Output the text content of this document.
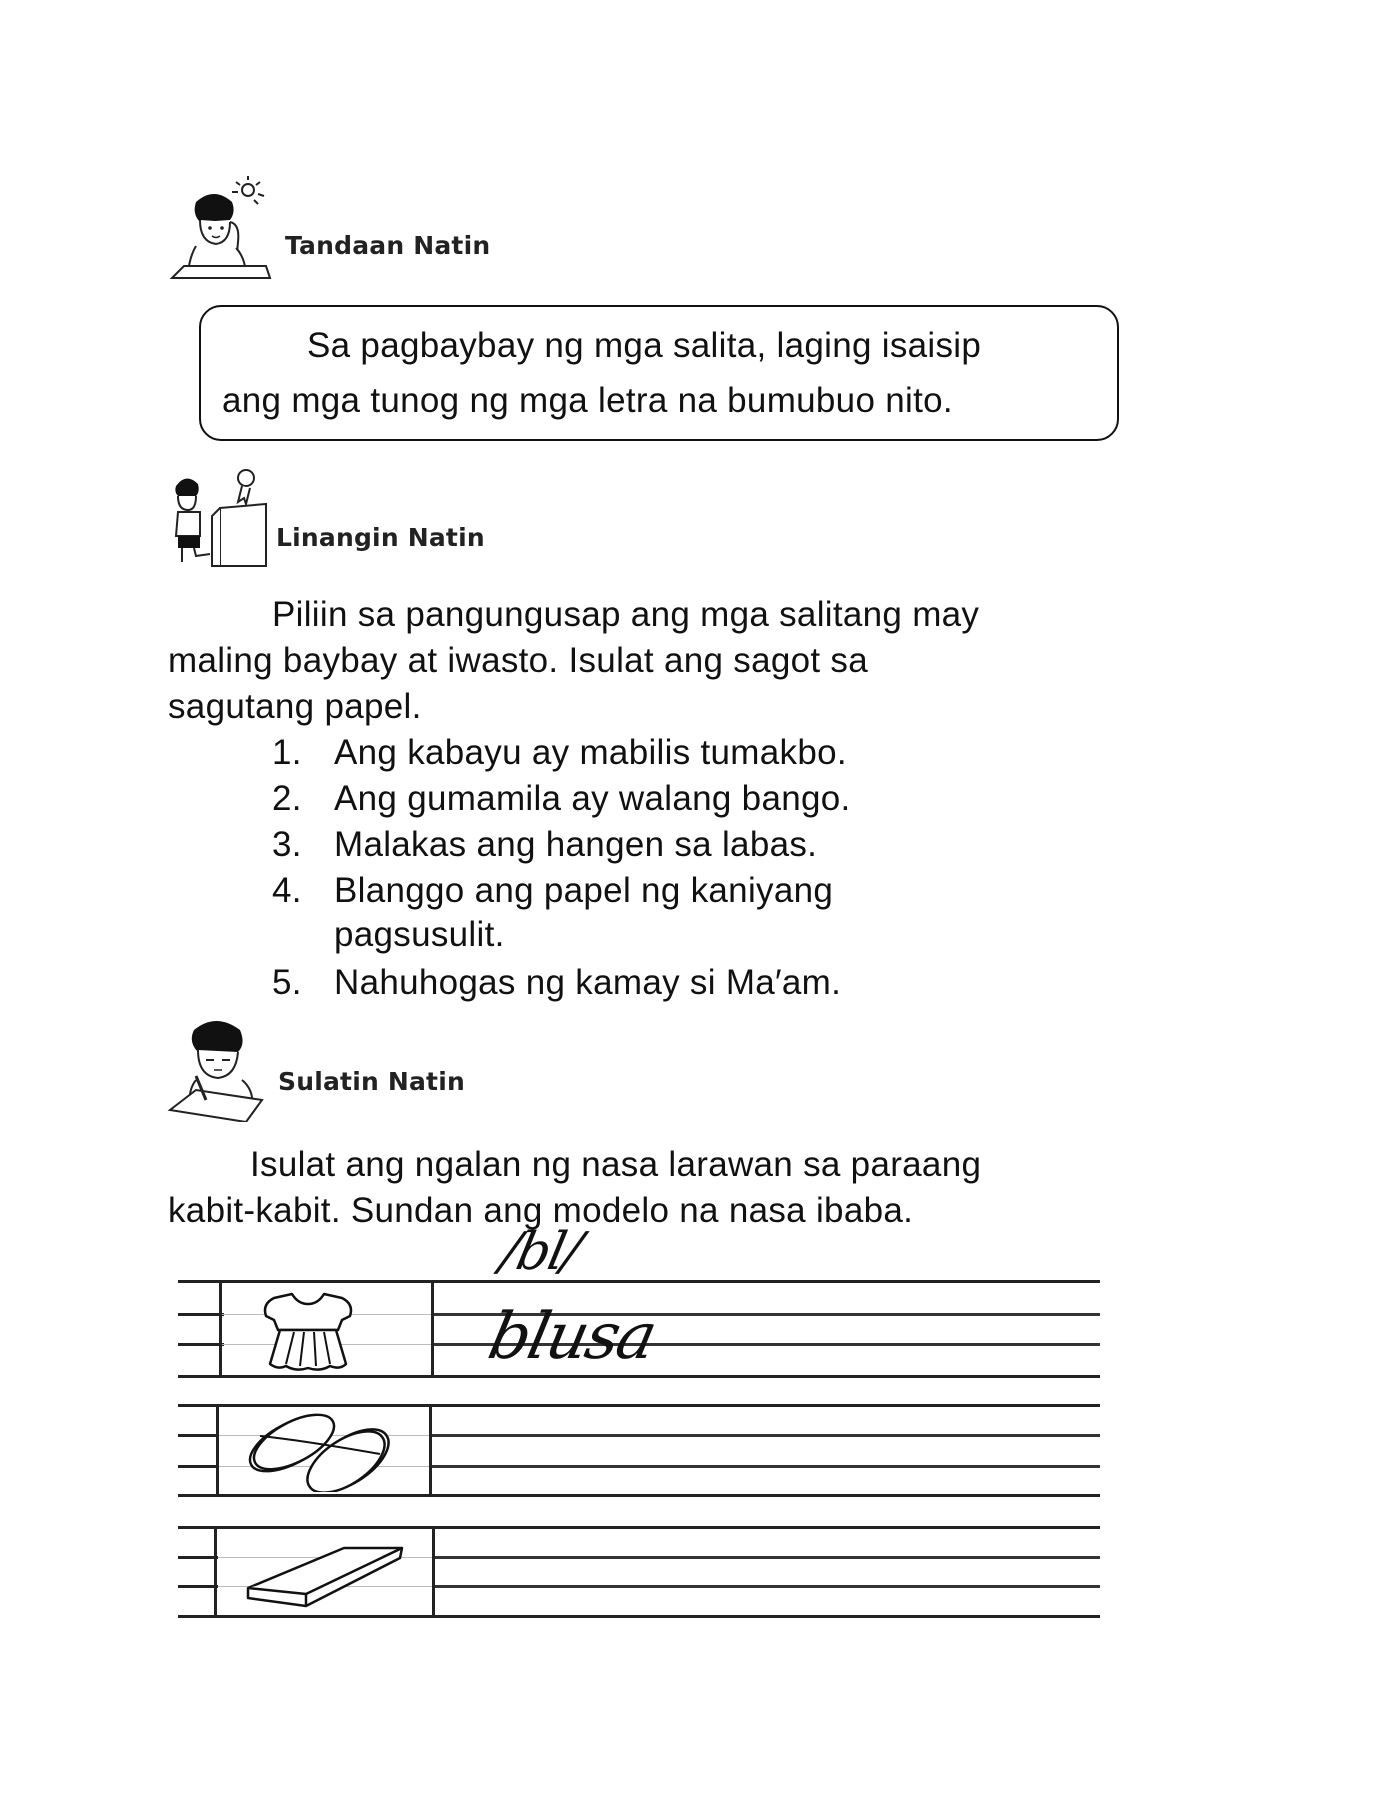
Tandaan Natin
Sa pagbaybay ng mga salita, laging isaisip
ang mga tunog ng mga letra na bumubuo nito.
Linangin Natin
Piliin sa pangungusap ang mga salitang may
maling baybay at iwasto. Isulat ang sagot sa
sagutang papel.
1. Ang kabayu ay mabilis tumakbo.
2. Ang gumamila ay walang bango.
3. Malakas ang hangen sa labas.
4. Blanggo ang papel ng kaniyang
pagsusulit.
5. Nahuhogas ng kamay si Ma′am.
Sulatin Natin
Isulat ang ngalan ng nasa larawan sa paraang
kabit-kabit. Sundan ang modelo na nasa ibaba.
/bl/
blusa
